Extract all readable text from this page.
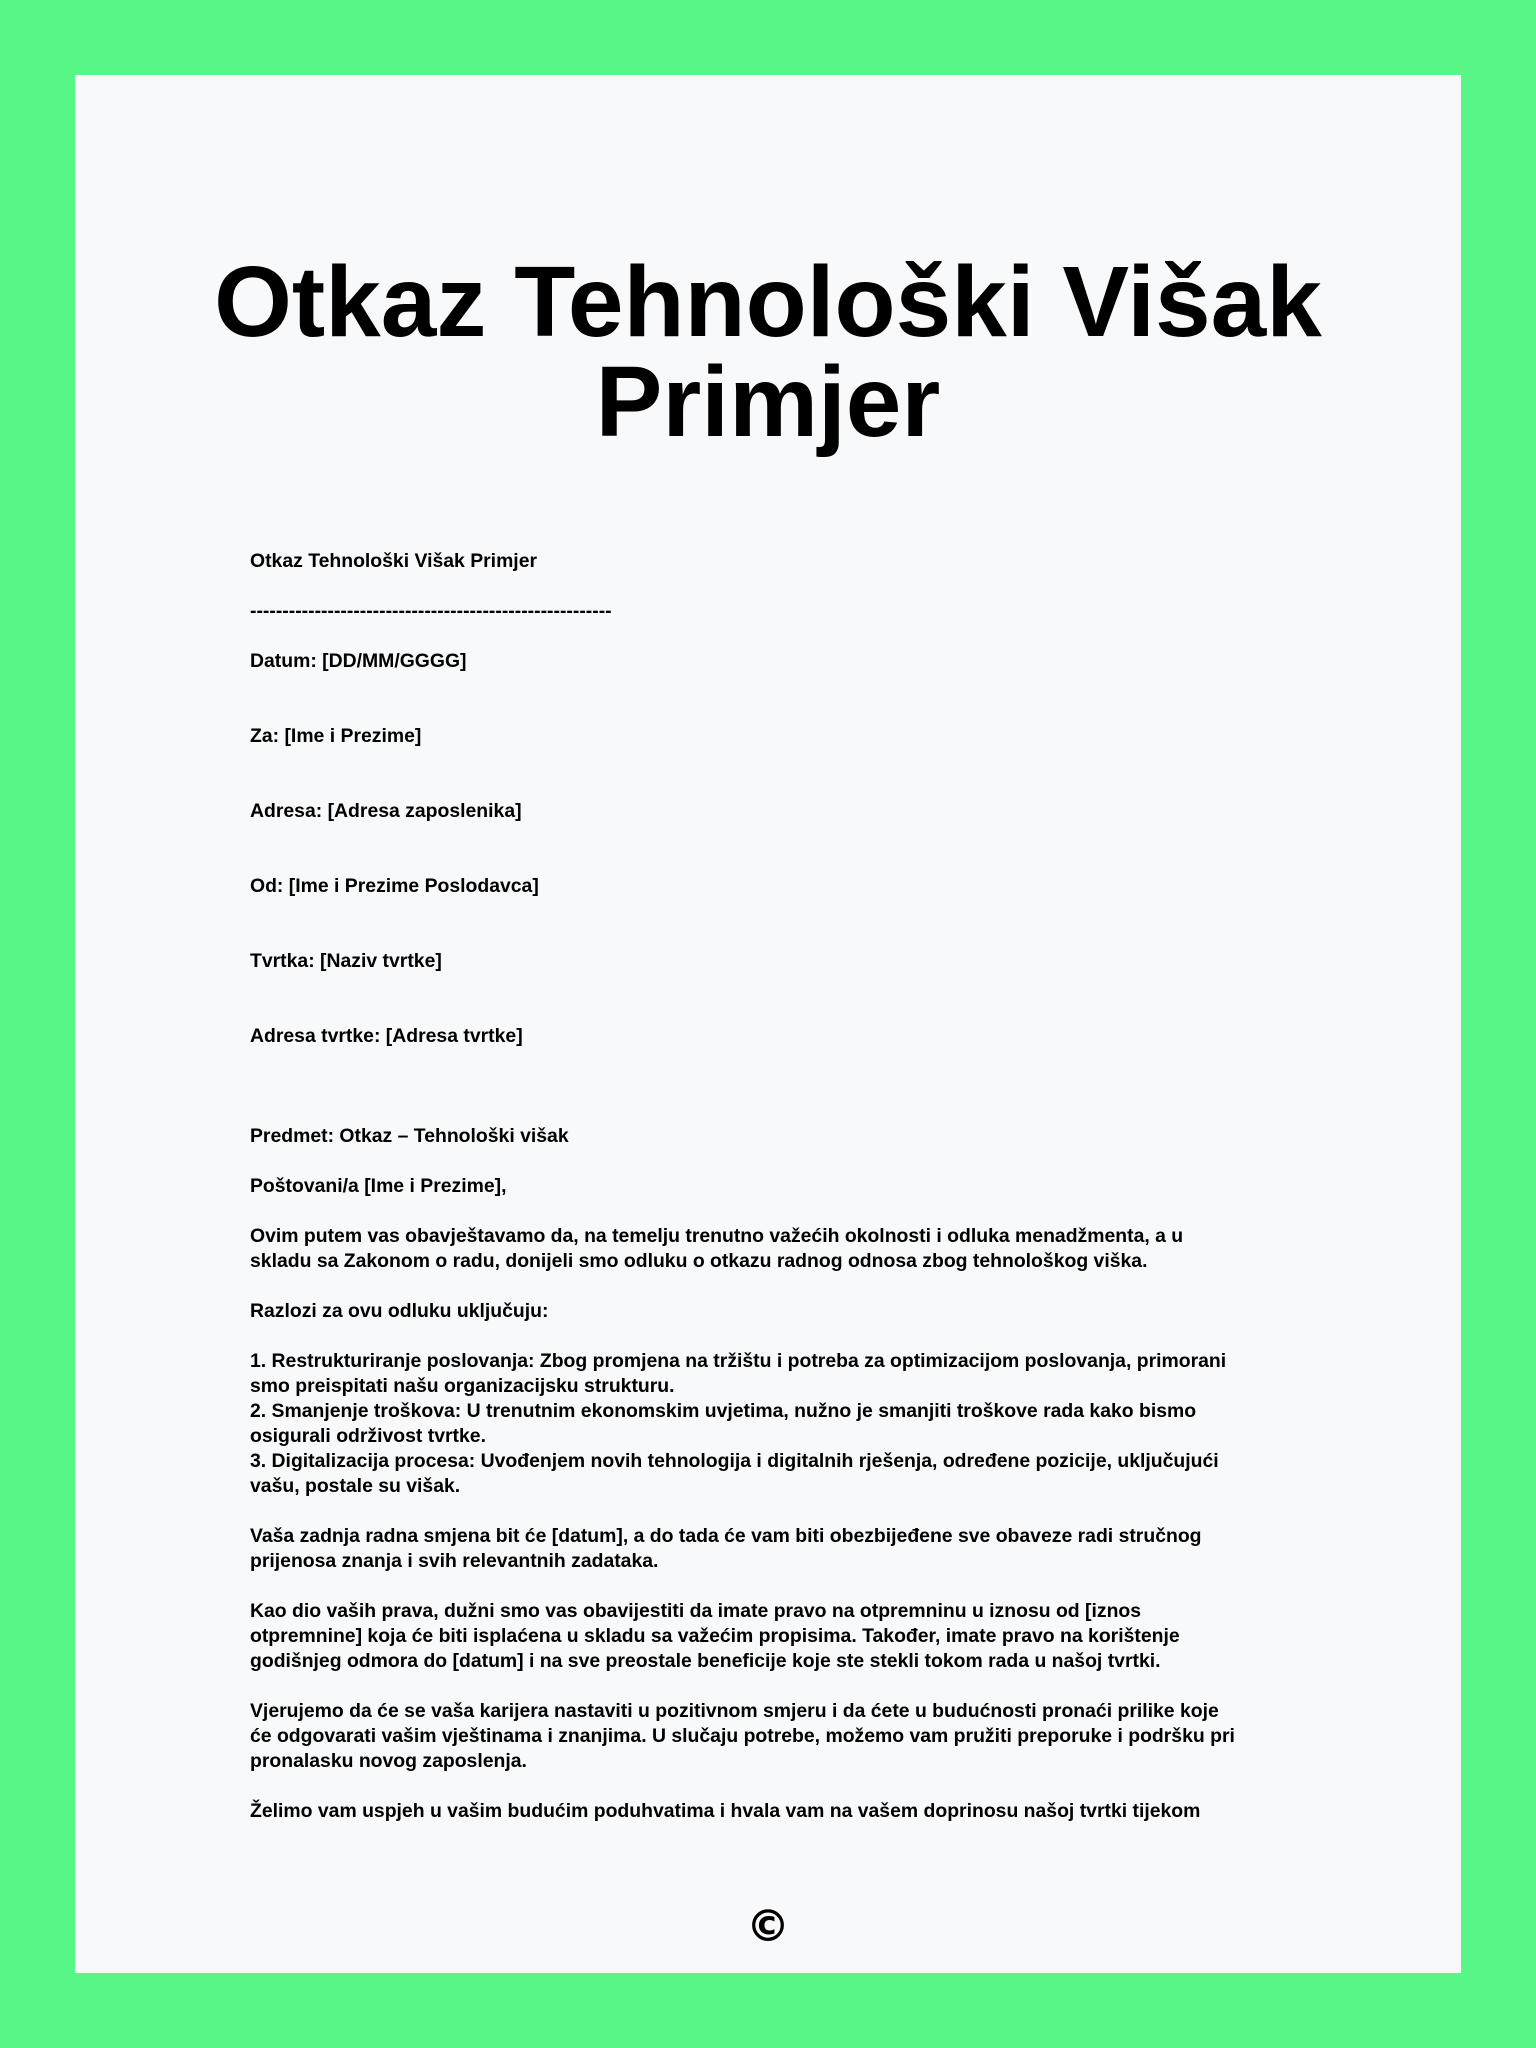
Otkaz Tehnološki Višak
Primjer
Otkaz Tehnološki Višak Primjer
--------------------------------------------------------
Datum: [DD/MM/GGGG]
Za: [Ime i Prezime]
Adresa: [Adresa zaposlenika]
Od: [Ime i Prezime Poslodavca]
Tvrtka: [Naziv tvrtke]
Adresa tvrtke: [Adresa tvrtke]
Predmet: Otkaz – Tehnološki višak
Poštovani/a [Ime i Prezime],
Ovim putem vas obavještavamo da, na temelju trenutno važećih okolnosti i odluka menadžmenta, a u
skladu sa Zakonom o radu, donijeli smo odluku o otkazu radnog odnosa zbog tehnološkog viška.
Razlozi za ovu odluku uključuju:
1. Restrukturiranje poslovanja: Zbog promjena na tržištu i potreba za optimizacijom poslovanja, primorani
smo preispitati našu organizacijsku strukturu.
2. Smanjenje troškova: U trenutnim ekonomskim uvjetima, nužno je smanjiti troškove rada kako bismo
osigurali održivost tvrtke.
3. Digitalizacija procesa: Uvođenjem novih tehnologija i digitalnih rješenja, određene pozicije, uključujući
vašu, postale su višak.
Vaša zadnja radna smjena bit će [datum], a do tada će vam biti obezbijeđene sve obaveze radi stručnog
prijenosa znanja i svih relevantnih zadataka.
Kao dio vaših prava, dužni smo vas obavijestiti da imate pravo na otpremninu u iznosu od [iznos
otpremnine] koja će biti isplaćena u skladu sa važećim propisima. Također, imate pravo na korištenje
godišnjeg odmora do [datum] i na sve preostale beneficije koje ste stekli tokom rada u našoj tvrtki.
Vjerujemo da će se vaša karijera nastaviti u pozitivnom smjeru i da ćete u budućnosti pronaći prilike koje
će odgovarati vašim vještinama i znanjima. U slučaju potrebe, možemo vam pružiti preporuke i podršku pri
pronalasku novog zaposlenja.
Želimo vam uspjeh u vašim budućim poduhvatima i hvala vam na vašem doprinosu našoj tvrtki tijekom
©
